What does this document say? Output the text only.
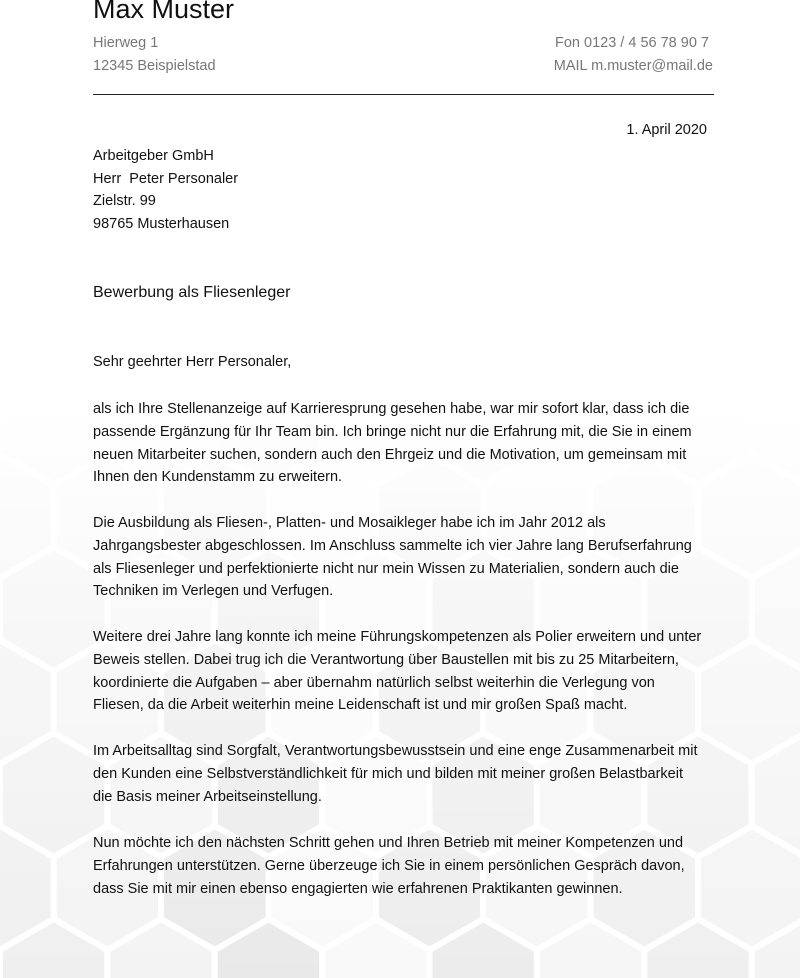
Max Muster
Hierweg 1
12345 Beispielstad
Fon 0123 / 4 56 78 90 7
MAIL m.muster@mail.de
1. April 2020
Arbeitgeber GmbH
Herr  Peter Personaler
Zielstr. 99
98765 Musterhausen
Bewerbung als Fliesenleger
Sehr geehrter Herr Personaler,
als ich Ihre Stellenanzeige auf Karrieresprung gesehen habe, war mir sofort klar, dass ich die
passende Ergänzung für Ihr Team bin. Ich bringe nicht nur die Erfahrung mit, die Sie in einem
neuen Mitarbeiter suchen, sondern auch den Ehrgeiz und die Motivation, um gemeinsam mit
Ihnen den Kundenstamm zu erweitern.
Die Ausbildung als Fliesen-, Platten- und Mosaikleger habe ich im Jahr 2012 als
Jahrgangsbester abgeschlossen. Im Anschluss sammelte ich vier Jahre lang Berufserfahrung
als Fliesenleger und perfektionierte nicht nur mein Wissen zu Materialien, sondern auch die
Techniken im Verlegen und Verfugen.
Weitere drei Jahre lang konnte ich meine Führungskompetenzen als Polier erweitern und unter
Beweis stellen. Dabei trug ich die Verantwortung über Baustellen mit bis zu 25 Mitarbeitern,
koordinierte die Aufgaben – aber übernahm natürlich selbst weiterhin die Verlegung von
Fliesen, da die Arbeit weiterhin meine Leidenschaft ist und mir großen Spaß macht.
Im Arbeitsalltag sind Sorgfalt, Verantwortungsbewusstsein und eine enge Zusammenarbeit mit
den Kunden eine Selbstverständlichkeit für mich und bilden mit meiner großen Belastbarkeit
die Basis meiner Arbeitseinstellung.
Nun möchte ich den nächsten Schritt gehen und Ihren Betrieb mit meiner Kompetenzen und
Erfahrungen unterstützen. Gerne überzeuge ich Sie in einem persönlichen Gespräch davon,
dass Sie mit mir einen ebenso engagierten wie erfahrenen Praktikanten gewinnen.
